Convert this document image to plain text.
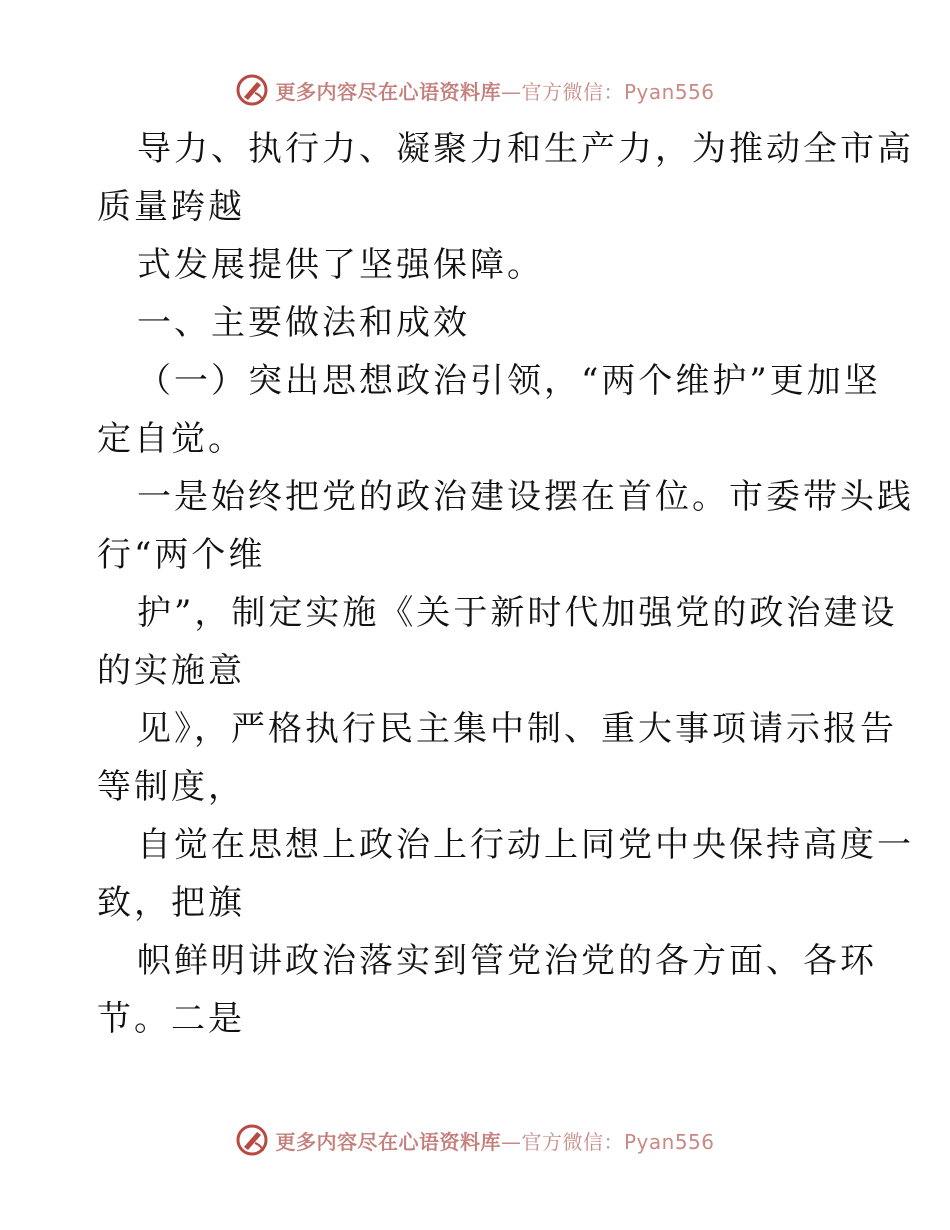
更多内容尽在心语资料库—官方微信：Pyan556
导力、执行力、凝聚力和生产力，为推动全市高
质量跨越
式发展提供了坚强保障。
一、主要做法和成效
（一）突出思想政治引领，“两个维护”更加坚
定自觉。
一是始终把党的政治建设摆在首位。市委带头践
行“两个维
护”，制定实施《关于新时代加强党的政治建设
的实施意
见》，严格执行民主集中制、重大事项请示报告
等制度，
自觉在思想上政治上行动上同党中央保持高度一
致，把旗
帜鲜明讲政治落实到管党治党的各方面、各环
节。二是
更多内容尽在心语资料库—官方微信：Pyan556
